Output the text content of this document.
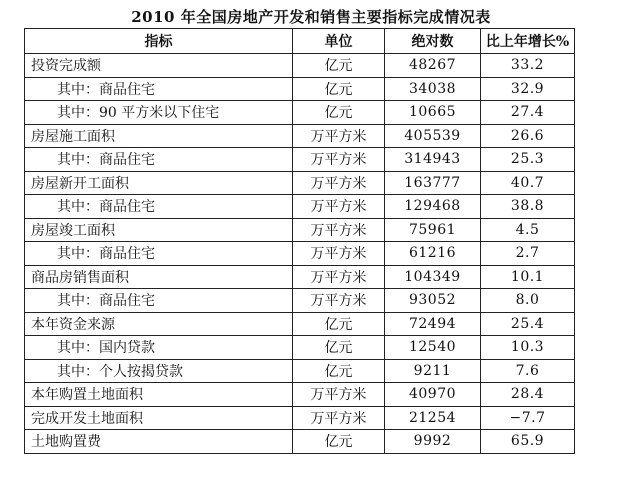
2010 年全国房地产开发和销售主要指标完成情况表
指标	单位	绝对数	比上年增长%
投资完成额	亿元	48267	33.2
其中：商品住宅	亿元	34038	32.9
其中：90 平方米以下住宅	亿元	10665	27.4
房屋施工面积	万平方米	405539	26.6
其中：商品住宅	万平方米	314943	25.3
房屋新开工面积	万平方米	163777	40.7
其中：商品住宅	万平方米	129468	38.8
房屋竣工面积	万平方米	75961	4.5
其中：商品住宅	万平方米	61216	2.7
商品房销售面积	万平方米	104349	10.1
其中：商品住宅	万平方米	93052	8.0
本年资金来源	亿元	72494	25.4
其中：国内贷款	亿元	12540	10.3
其中：个人按揭贷款	亿元	9211	7.6
本年购置土地面积	万平方米	40970	28.4
完成开发土地面积	万平方米	21254	−7.7
土地购置费	亿元	9992	65.9
